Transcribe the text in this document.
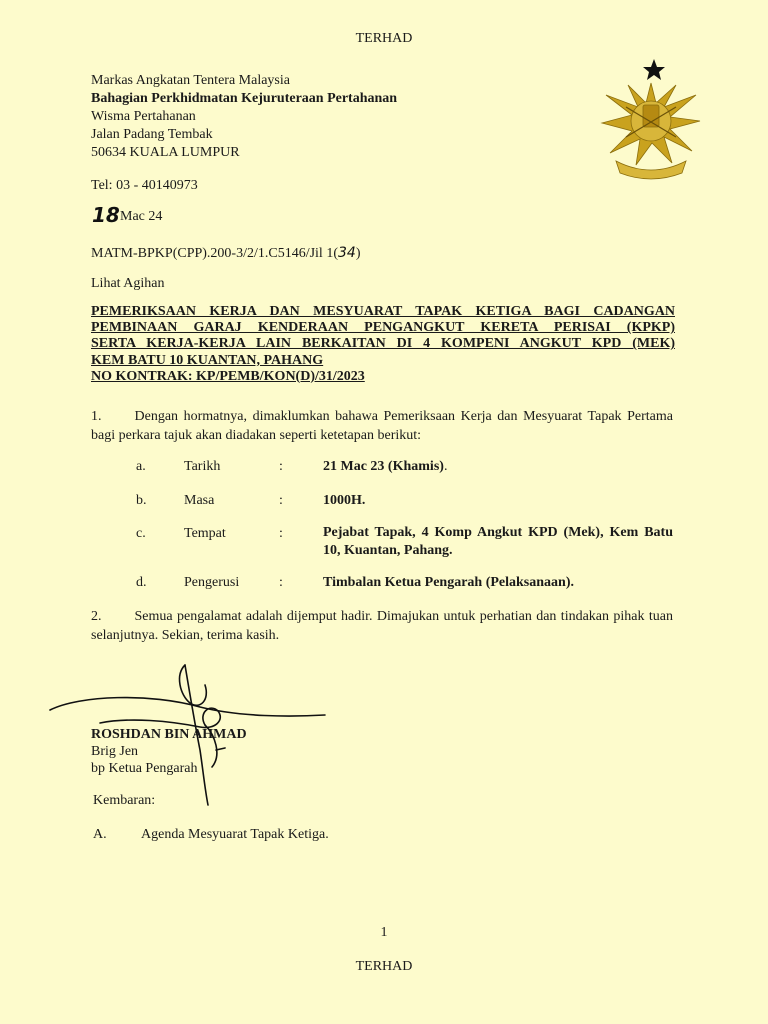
TERHAD
Markas Angkatan Tentera Malaysia
Bahagian Perkhidmatan Kejuruteraan Pertahanan
Wisma Pertahanan
Jalan Padang Tembak
50634 KUALA LUMPUR
Tel: 03 - 40140973
18 Mac 24
MATM-BPKP(CPP).200-3/2/1.C5146/Jil 1(34)
Lihat Agihan
PEMERIKSAAN KERJA DAN MESYUARAT TAPAK KETIGA BAGI CADANGAN
PEMBINAAN GARAJ KENDERAAN PENGANGKUT KERETA PERISAI (KPKP)
SERTA KERJA-KERJA LAIN BERKAITAN DI 4 KOMPENI ANGKUT KPD (MEK)
KEM BATU 10 KUANTAN, PAHANG
NO KONTRAK: KP/PEMB/KON(D)/31/2023
1. Dengan hormatnya, dimaklumkan bahawa Pemeriksaan Kerja dan Mesyuarat Tapak Pertama bagi perkara tajuk akan diadakan seperti ketetapan berikut:
a.	Tarikh	:	21 Mac 23 (Khamis).
b.	Masa	:	1000H.
c.	Tempat	:	Pejabat Tapak, 4 Komp Angkut KPD (Mek), Kem Batu 10, Kuantan, Pahang.
d.	Pengerusi	:	Timbalan Ketua Pengarah (Pelaksanaan).
2. Semua pengalamat adalah dijemput hadir. Dimajukan untuk perhatian dan tindakan pihak tuan selanjutnya. Sekian, terima kasih.
ROSHDAN BIN AHMAD
Brig Jen
bp Ketua Pengarah
Kembaran:
A. Agenda Mesyuarat Tapak Ketiga.
1
TERHAD
